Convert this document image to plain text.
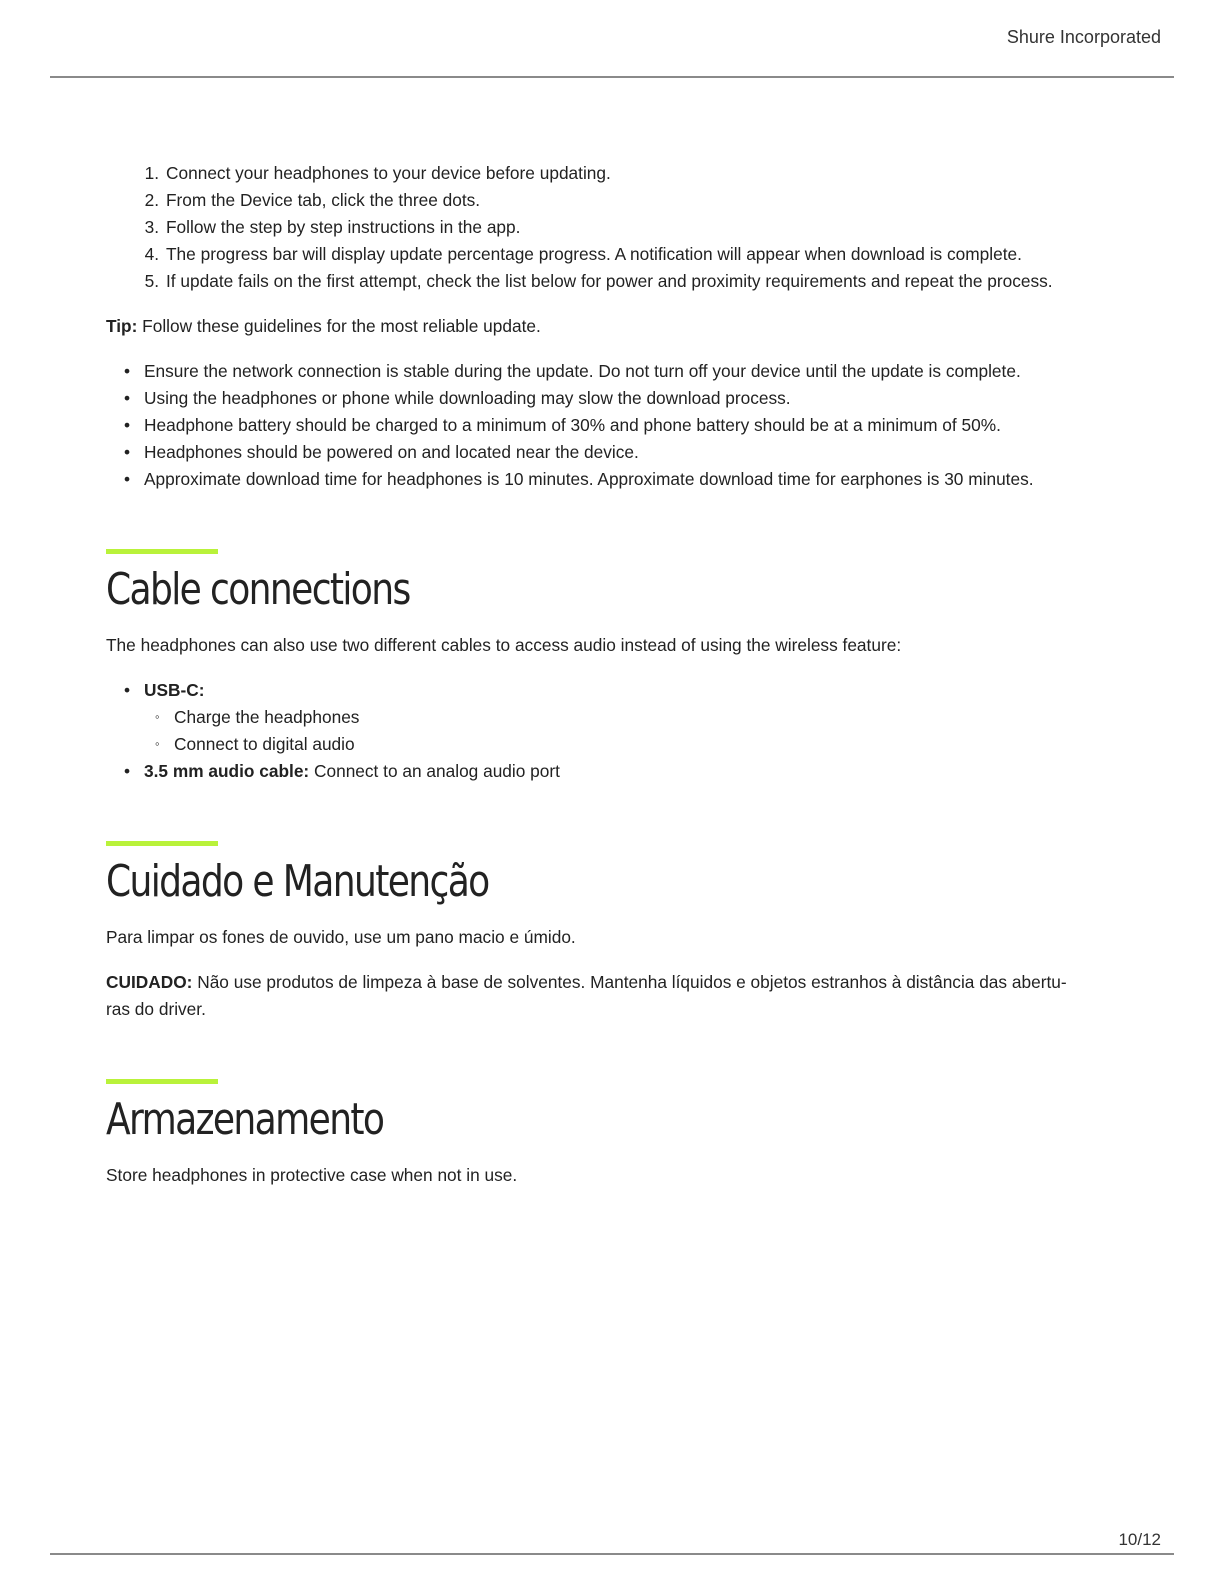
Shure Incorporated
1. Connect your headphones to your device before updating.
2. From the Device tab, click the three dots.
3. Follow the step by step instructions in the app.
4. The progress bar will display update percentage progress. A notification will appear when download is complete.
5. If update fails on the first attempt, check the list below for power and proximity requirements and repeat the process.

Tip: Follow these guidelines for the most reliable update.

• Ensure the network connection is stable during the update. Do not turn off your device until the update is complete.
• Using the headphones or phone while downloading may slow the download process.
• Headphone battery should be charged to a minimum of 30% and phone battery should be at a minimum of 50%.
• Headphones should be powered on and located near the device.
• Approximate download time for headphones is 10 minutes. Approximate download time for earphones is 30 minutes.
Cable connections

The headphones can also use two different cables to access audio instead of using the wireless feature:

• USB-C:
◦ Charge the headphones
◦ Connect to digital audio
• 3.5 mm audio cable: Connect to an analog audio port
Cuidado e Manutenção

Para limpar os fones de ouvido, use um pano macio e úmido.

CUIDADO: Não use produtos de limpeza à base de solventes. Mantenha líquidos e objetos estranhos à distância das abertu-
ras do driver.

Armazenamento

Store headphones in protective case when not in use.

10/12
